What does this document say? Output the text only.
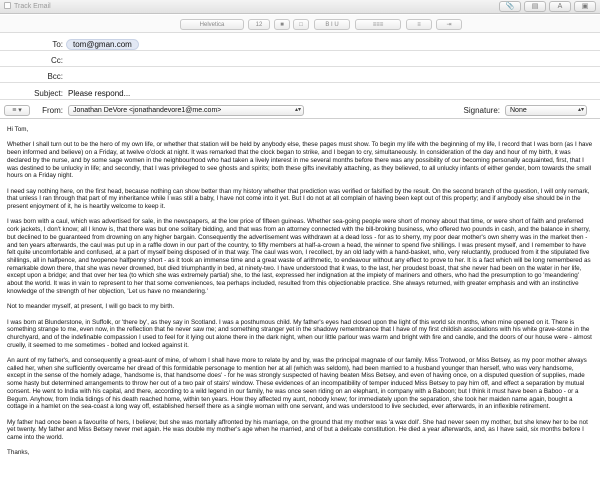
Track Email	📎 ▤	A	▣
Helvetica	12	■	□	B I U	≡≡≡	≡	⇥
To:	tom@gman.com
Cc:
Bcc:
Subject: Please respond...
≡ ▾	From:	Jonathan DeVore <jonathandevore1@me.com>	▴▾	Signature:	None	▴▾

Hi Tom,

Whether I shall turn out to be the hero of my own life, or whether that station will be held by anybody else, these pages must show. To begin my life with the beginning of my life, I record that I was born (as I have been informed and believe) on a Friday, at twelve o'clock at night. It was remarked that the clock began to strike, and I began to cry, simultaneously. In consideration of the day and hour of my birth, it was declared by the nurse, and by some sage women in the neighbourhood who had taken a lively interest in me several months before there was any possibility of our becoming personally acquainted, first, that I was destined to be unlucky in life; and secondly, that I was privileged to see ghosts and spirits; both these gifts inevitably attaching, as they believed, to all unlucky infants of either gender, born towards the small hours on a Friday night.

I need say nothing here, on the first head, because nothing can show better than my history whether that prediction was verified or falsified by the result. On the second branch of the question, I will only remark, that unless I ran through that part of my inheritance while I was still a baby, I have not come into it yet. But I do not at all complain of having been kept out of this property; and if anybody else should be in the present enjoyment of it, he is heartily welcome to keep it.

I was born with a caul, which was advertised for sale, in the newspapers, at the low price of fifteen guineas. Whether sea-going people were short of money about that time, or were short of faith and preferred cork jackets, I don't know; all I know is, that there was but one solitary bidding, and that was from an attorney connected with the bill-broking business, who offered two pounds in cash, and the balance in sherry, but declined to be guaranteed from drowning on any higher bargain. Consequently the advertisement was withdrawn at a dead loss - for as to sherry, my poor dear mother's own sherry was in the market then - and ten years afterwards, the caul was put up in a raffle down in our part of the country, to fifty members at half-a-crown a head, the winner to spend five shillings. I was present myself, and I remember to have felt quite uncomfortable and confused, at a part of myself being disposed of in that way. The caul was won, I recollect, by an old lady with a hand-basket, who, very reluctantly, produced from it the stipulated five shillings, all in halfpence, and twopence halfpenny short - as it took an immense time and a great waste of arithmetic, to endeavour without any effect to prove to her. It is a fact which will be long remembered as remarkable down there, that she was never drowned, but died triumphantly in bed, at ninety-two. I have understood that it was, to the last, her proudest boast, that she never had been on the water in her life, except upon a bridge; and that over her tea (to which she was extremely partial) she, to the last, expressed her indignation at the impiety of mariners and others, who had the presumption to go 'meandering' about the world. It was in vain to represent to her that some conveniences, tea perhaps included, resulted from this objectionable practice. She always returned, with greater emphasis and with an instinctive knowledge of the strength of her objection, 'Let us have no meandering.'

Not to meander myself, at present, I will go back to my birth.

I was born at Blunderstone, in Suffolk, or 'there by', as they say in Scotland. I was a posthumous child. My father's eyes had closed upon the light of this world six months, when mine opened on it. There is something strange to me, even now, in the reflection that he never saw me; and something stranger yet in the shadowy remembrance that I have of my first childish associations with his white grave-stone in the churchyard, and of the indefinable compassion I used to feel for it lying out alone there in the dark night, when our little parlour was warm and bright with fire and candle, and the doors of our house were - almost cruelly, it seemed to me sometimes - bolted and locked against it.

An aunt of my father's, and consequently a great-aunt of mine, of whom I shall have more to relate by and by, was the principal magnate of our family. Miss Trotwood, or Miss Betsey, as my poor mother always called her, when she sufficiently overcame her dread of this formidable personage to mention her at all (which was seldom), had been married to a husband younger than herself, who was very handsome, except in the sense of the homely adage, 'handsome is, that handsome does' - for he was strongly suspected of having beaten Miss Betsey, and even of having once, on a disputed question of supplies, made some hasty but determined arrangements to throw her out of a two pair of stairs' window. These evidences of an incompatibility of temper induced Miss Betsey to pay him off, and effect a separation by mutual consent. He went to India with his capital, and there, according to a wild legend in our family, he was once seen riding on an elephant, in company with a Baboon; but I think it must have been a Baboo - or a Begum. Anyhow, from India tidings of his death reached home, within ten years. How they affected my aunt, nobody knew; for immediately upon the separation, she took her maiden name again, bought a cottage in a hamlet on the sea-coast a long way off, established herself there as a single woman with one servant, and was understood to live secluded, ever afterwards, in an inflexible retirement.

My father had once been a favourite of hers, I believe; but she was mortally affronted by his marriage, on the ground that my mother was 'a wax doll'. She had never seen my mother, but she knew her to be not yet twenty. My father and Miss Betsey never met again. He was double my mother's age when he married, and of but a delicate constitution. He died a year afterwards, and, as I have said, six months before I came into the world.

Thanks,
